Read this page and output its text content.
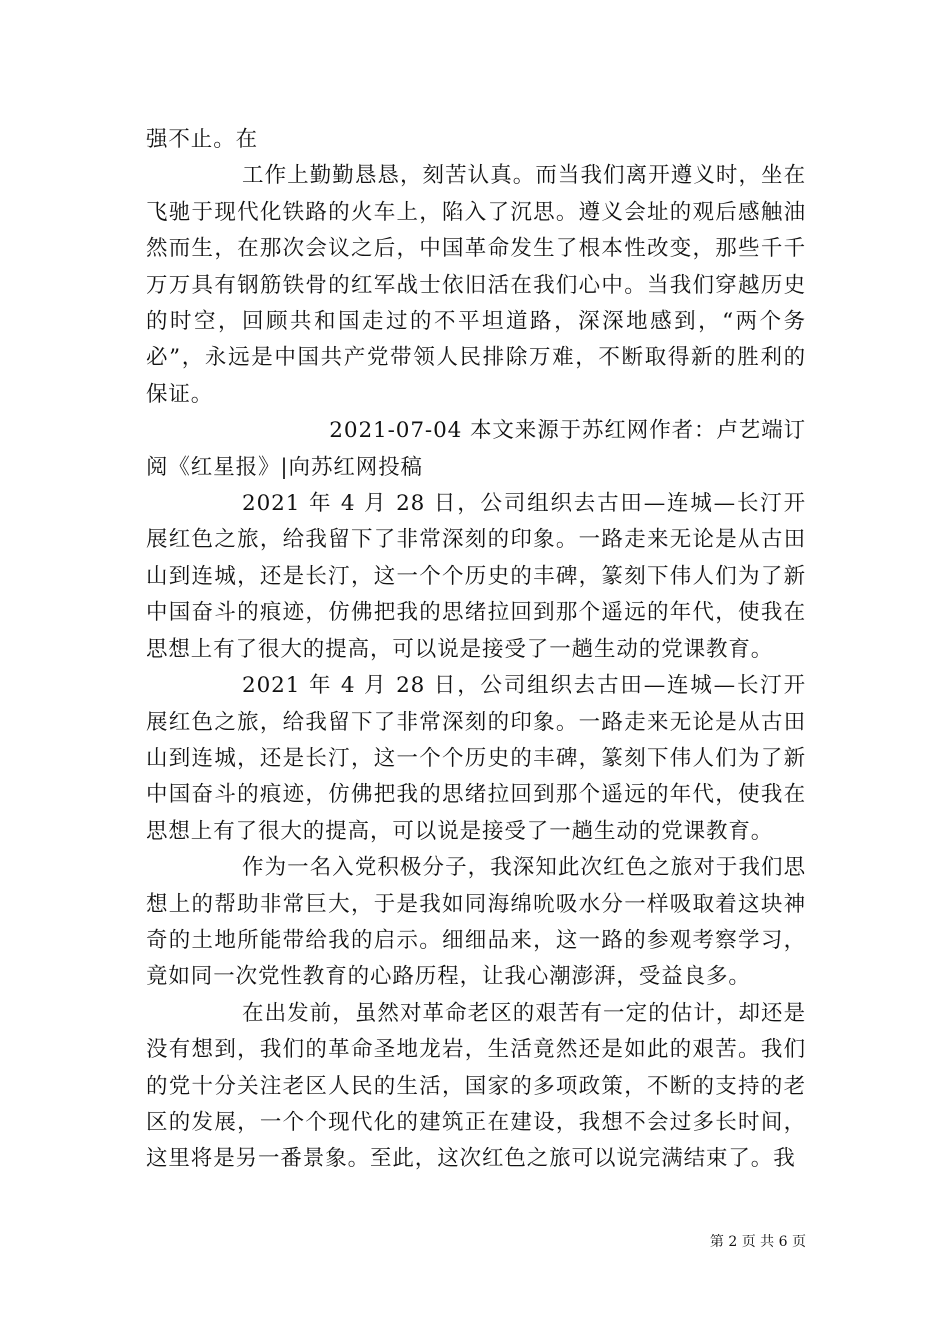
强不止。在

工作上勤勤恳恳，刻苦认真。而当我们离开遵义时，坐在飞驰于现代化铁路的火车上，陷入了沉思。遵义会址的观后感触油然而生，在那次会议之后，中国革命发生了根本性改变，那些千千万万具有钢筋铁骨的红军战士依旧活在我们心中。当我们穿越历史的时空，回顾共和国走过的不平坦道路，深深地感到，“两个务必”，永远是中国共产党带领人民排除万难，不断取得新的胜利的保证。

2021-07-04 本文来源于苏红网作者：卢艺端订

阅《红星报》|向苏红网投稿

2021 年 4 月 28 日，公司组织去古田—连城—长汀开展红色之旅，给我留下了非常深刻的印象。一路走来无论是从古田山到连城，还是长汀，这一个个历史的丰碑，篆刻下伟人们为了新中国奋斗的痕迹，仿佛把我的思绪拉回到那个遥远的年代，使我在思想上有了很大的提高，可以说是接受了一趟生动的党课教育。

2021 年 4 月 28 日，公司组织去古田—连城—长汀开展红色之旅，给我留下了非常深刻的印象。一路走来无论是从古田山到连城，还是长汀，这一个个历史的丰碑，篆刻下伟人们为了新中国奋斗的痕迹，仿佛把我的思绪拉回到那个遥远的年代，使我在思想上有了很大的提高，可以说是接受了一趟生动的党课教育。

作为一名入党积极分子，我深知此次红色之旅对于我们思想上的帮助非常巨大，于是我如同海绵吮吸水分一样吸取着这块神奇的土地所能带给我的启示。细细品来，这一路的参观考察学习，竟如同一次党性教育的心路历程，让我心潮澎湃，受益良多。

在出发前，虽然对革命老区的艰苦有一定的估计，却还是没有想到，我们的革命圣地龙岩，生活竟然还是如此的艰苦。我们的党十分关注老区人民的生活，国家的多项政策，不断的支持的老区的发展，一个个现代化的建筑正在建设，我想不会过多长时间，这里将是另一番景象。至此，这次红色之旅可以说完满结束了。我

第 2 页 共 6 页
